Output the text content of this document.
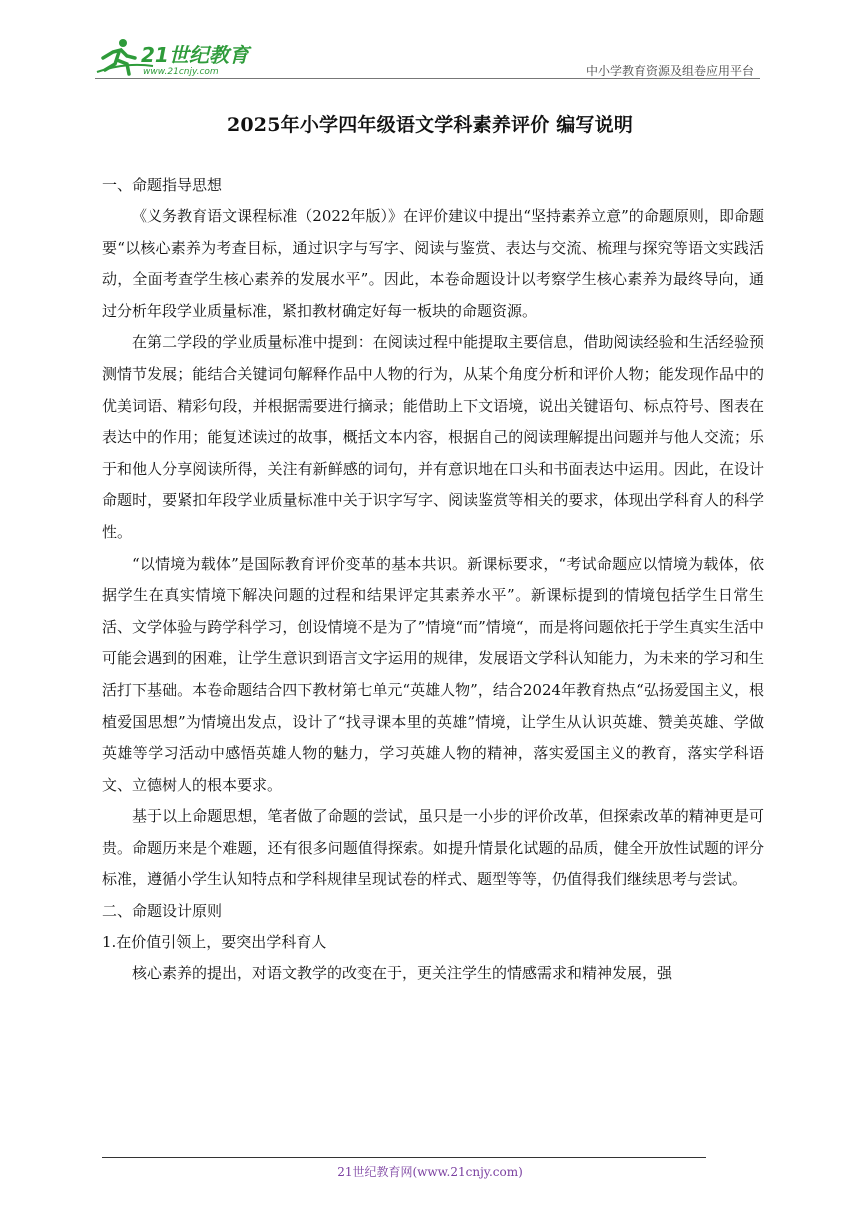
21世纪教育
www.21cnjy.com	中小学教育资源及组卷应用平台
2025年小学四年级语文学科素养评价 编写说明

一、命题指导思想

《义务教育语文课程标准（2022年版）》在评价建议中提出“坚持素养立意”的命题原则，即命题要“以核心素养为考查目标，通过识字与写字、阅读与鉴赏、表达与交流、梳理与探究等语文实践活动，全面考查学生核心素养的发展水平”。因此，本卷命题设计以考察学生核心素养为最终导向，通过分析年段学业质量标准，紧扣教材确定好每一板块的命题资源。

在第二学段的学业质量标准中提到：在阅读过程中能提取主要信息，借助阅读经验和生活经验预测情节发展；能结合关键词句解释作品中人物的行为，从某个角度分析和评价人物；能发现作品中的优美词语、精彩句段，并根据需要进行摘录；能借助上下文语境，说出关键语句、标点符号、图表在表达中的作用；能复述读过的故事，概括文本内容，根据自己的阅读理解提出问题并与他人交流；乐于和他人分享阅读所得，关注有新鲜感的词句，并有意识地在口头和书面表达中运用。因此，在设计命题时，要紧扣年段学业质量标准中关于识字写字、阅读鉴赏等相关的要求，体现出学科育人的科学性。

“以情境为载体”是国际教育评价变革的基本共识。新课标要求，“考试命题应以情境为载体，依据学生在真实情境下解决问题的过程和结果评定其素养水平”。新课标提到的情境包括学生日常生活、文学体验与跨学科学习，创设情境不是为了”情境“而”情境“，而是将问题依托于学生真实生活中可能会遇到的困难，让学生意识到语言文字运用的规律，发展语文学科认知能力，为未来的学习和生活打下基础。本卷命题结合四下教材第七单元“英雄人物”，结合2024年教育热点“弘扬爱国主义，根植爱国思想”为情境出发点，设计了“找寻课本里的英雄”情境，让学生从认识英雄、赞美英雄、学做英雄等学习活动中感悟英雄人物的魅力，学习英雄人物的精神，落实爱国主义的教育，落实学科语文、立德树人的根本要求。

基于以上命题思想，笔者做了命题的尝试，虽只是一小步的评价改革，但探索改革的精神更是可贵。命题历来是个难题，还有很多问题值得探索。如提升情景化试题的品质，健全开放性试题的评分标准，遵循小学生认知特点和学科规律呈现试卷的样式、题型等等，仍值得我们继续思考与尝试。

二、命题设计原则

1.在价值引领上，要突出学科育人

核心素养的提出，对语文教学的改变在于，更关注学生的情感需求和精神发展，强

21世纪教育网(www.21cnjy.com)
